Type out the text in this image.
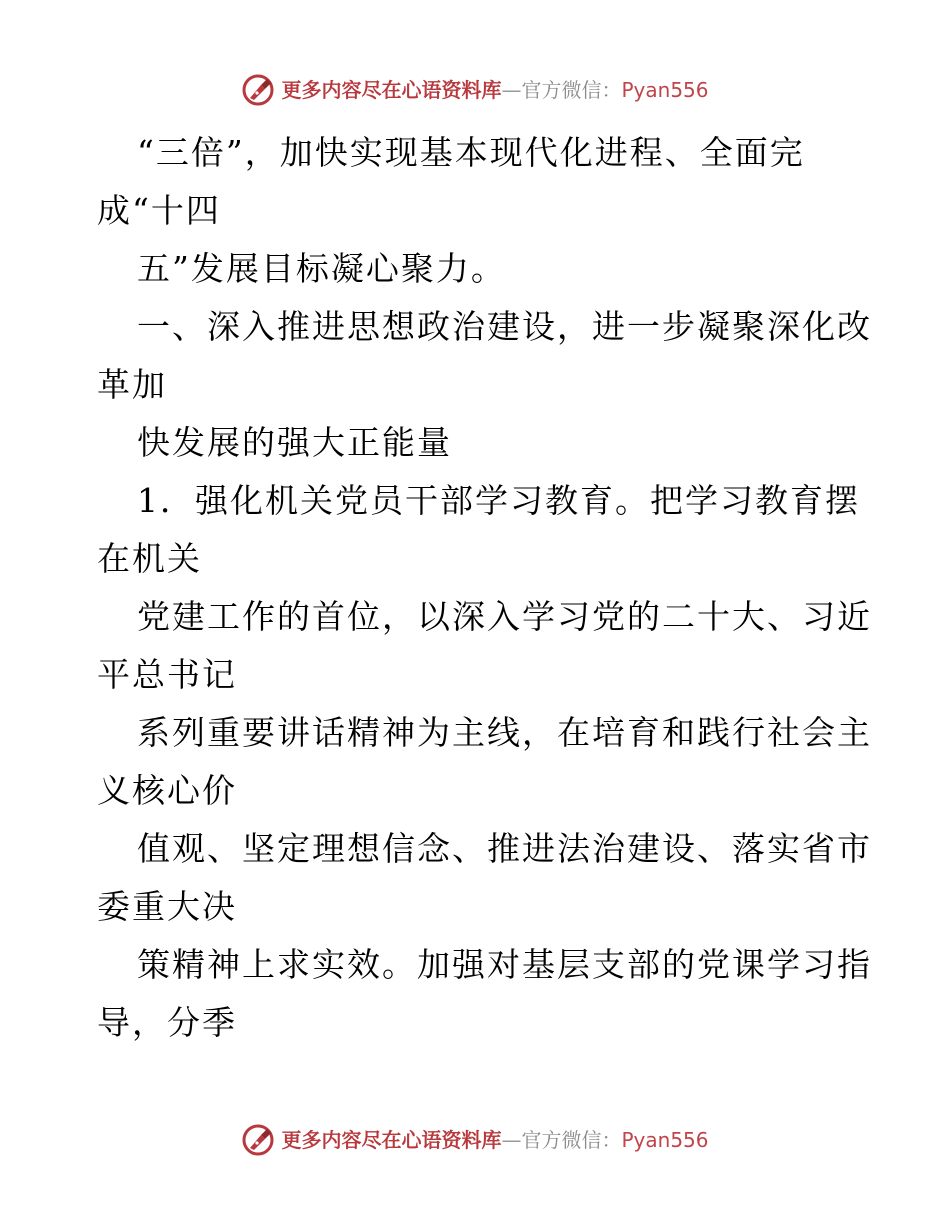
更多内容尽在心语资料库 — 官方微信： Pyan556
“三倍”，加快实现基本现代化进程、全面完
成“十四
五”发展目标凝心聚力。
一、深入推进思想政治建设，进一步凝聚深化改
革加
快发展的强大正能量
1．强化机关党员干部学习教育。把学习教育摆
在机关
党建工作的首位，以深入学习党的二十大、习近
平总书记
系列重要讲话精神为主线，在培育和践行社会主
义核心价
值观、坚定理想信念、推进法治建设、落实省市
委重大决
策精神上求实效。加强对基层支部的党课学习指
导，分季
更多内容尽在心语资料库 — 官方微信： Pyan556
